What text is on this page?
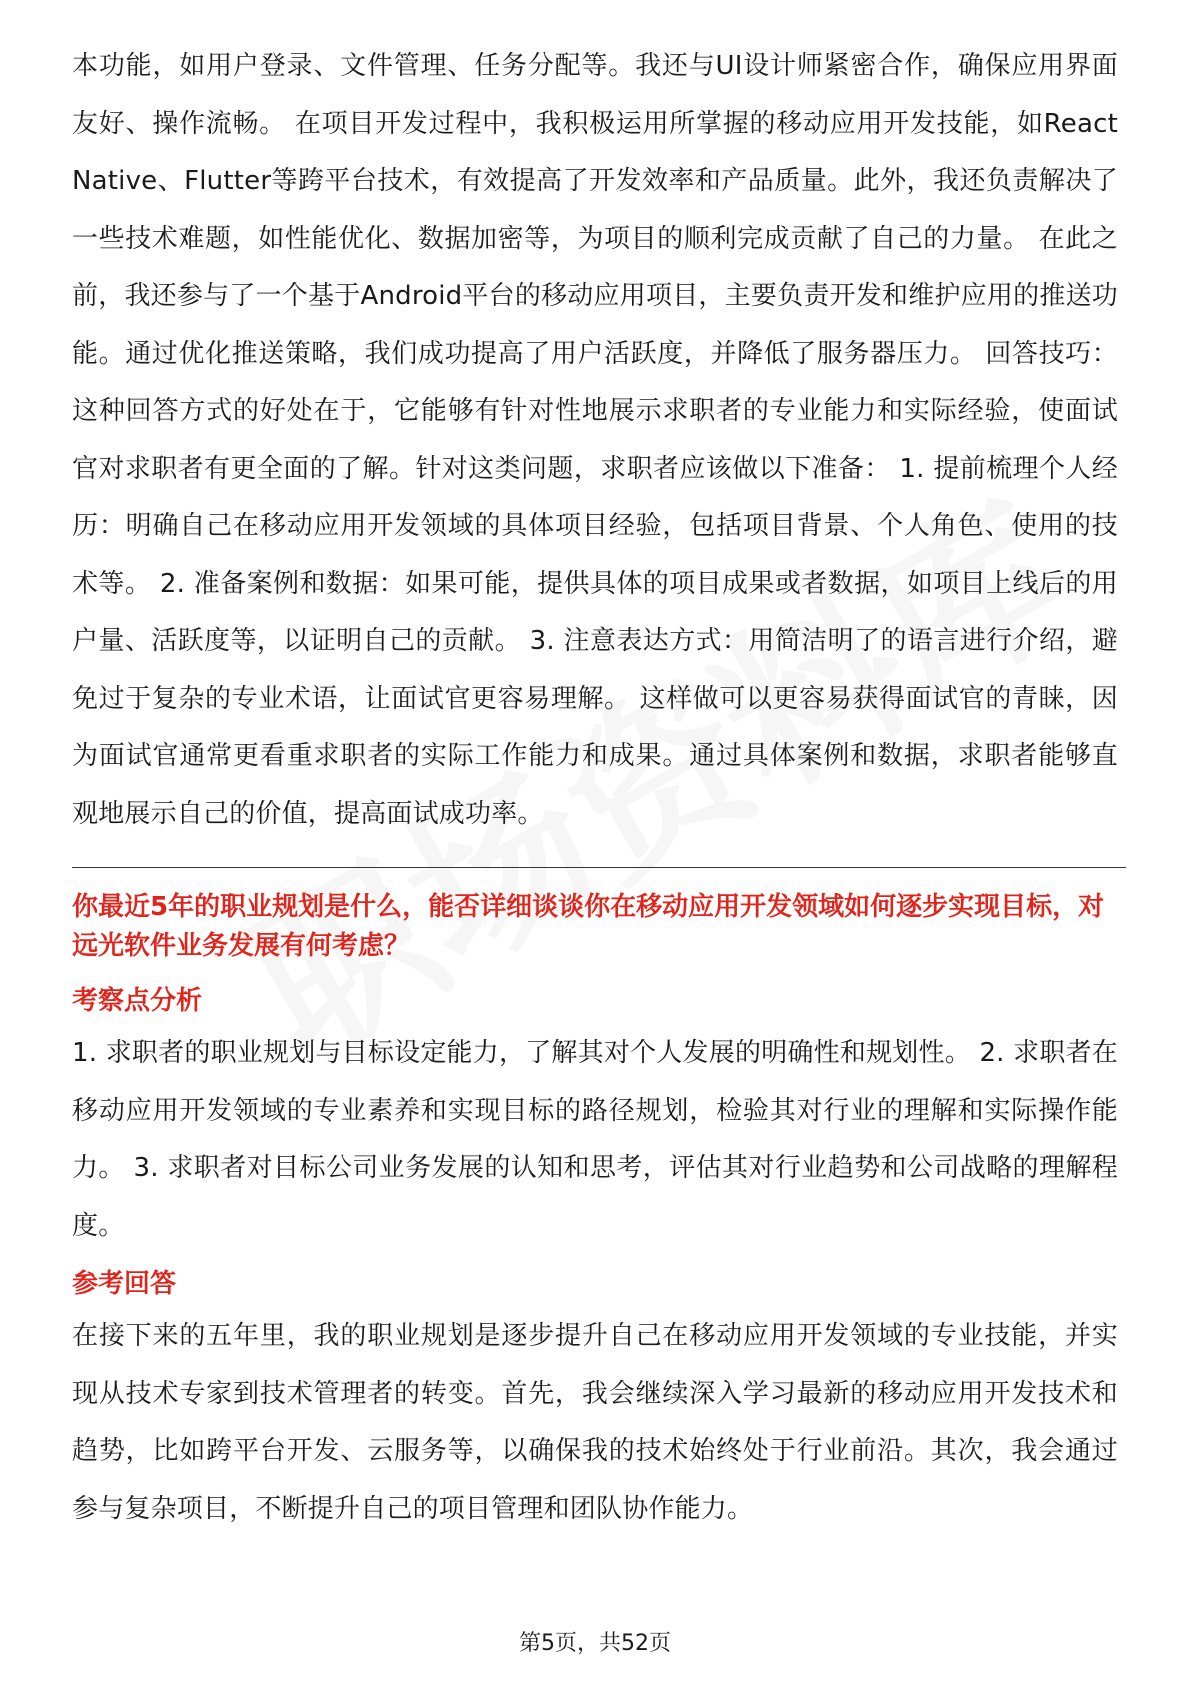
本功能，如用户登录、文件管理、任务分配等。我还与UI设计师紧密合作，确保应用界面友好、操作流畅。 在项目开发过程中，我积极运用所掌握的移动应用开发技能，如React Native、Flutter等跨平台技术，有效提高了开发效率和产品质量。此外，我还负责解决了一些技术难题，如性能优化、数据加密等，为项目的顺利完成贡献了自己的力量。 在此之前，我还参与了一个基于Android平台的移动应用项目，主要负责开发和维护应用的推送功能。通过优化推送策略，我们成功提高了用户活跃度，并降低了服务器压力。 回答技巧： 这种回答方式的好处在于，它能够有针对性地展示求职者的专业能力和实际经验，使面试官对求职者有更全面的了解。针对这类问题，求职者应该做以下准备： 1. 提前梳理个人经历：明确自己在移动应用开发领域的具体项目经验，包括项目背景、个人角色、使用的技术等。 2. 准备案例和数据：如果可能，提供具体的项目成果或者数据，如项目上线后的用户量、活跃度等，以证明自己的贡献。 3. 注意表达方式：用简洁明了的语言进行介绍，避免过于复杂的专业术语，让面试官更容易理解。 这样做可以更容易获得面试官的青睐，因为面试官通常更看重求职者的实际工作能力和成果。通过具体案例和数据，求职者能够直观地展示自己的价值，提高面试成功率。

你最近5年的职业规划是什么，能否详细谈谈你在移动应用开发领域如何逐步实现目标，对远光软件业务发展有何考虑？

考察点分析

1. 求职者的职业规划与目标设定能力，了解其对个人发展的明确性和规划性。 2. 求职者在移动应用开发领域的专业素养和实现目标的路径规划，检验其对行业的理解和实际操作能力。 3. 求职者对目标公司业务发展的认知和思考，评估其对行业趋势和公司战略的理解程度。

参考回答

在接下来的五年里，我的职业规划是逐步提升自己在移动应用开发领域的专业技能，并实现从技术专家到技术管理者的转变。首先，我会继续深入学习最新的移动应用开发技术和趋势，比如跨平台开发、云服务等，以确保我的技术始终处于行业前沿。其次，我会通过参与复杂项目，不断提升自己的项目管理和团队协作能力。

第5页，共52页
